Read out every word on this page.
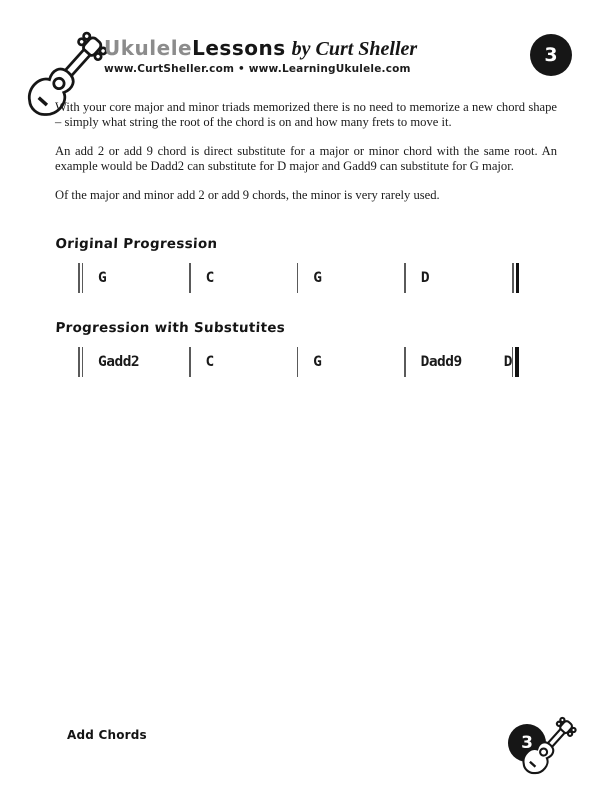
UkuleleLessons by Curt Sheller
www.CurtSheller.com • www.LearningUkulele.com
3

With your core major and minor triads memorized there is no need to memorize a new chord shape – simply what string the root of the chord is on and how many frets to move it.

An add 2 or add 9 chord is direct substitute for a major or minor chord with the same root. An example would be Dadd2 can substitute for D major and Gadd9 can substitute for G major.

Of the major and minor add 2 or add 9 chords, the minor is very rarely used.

Original Progression
G	C	G	D
Progression with Substutites
Gadd2	C	G	Dadd9	D
Add Chords	3
